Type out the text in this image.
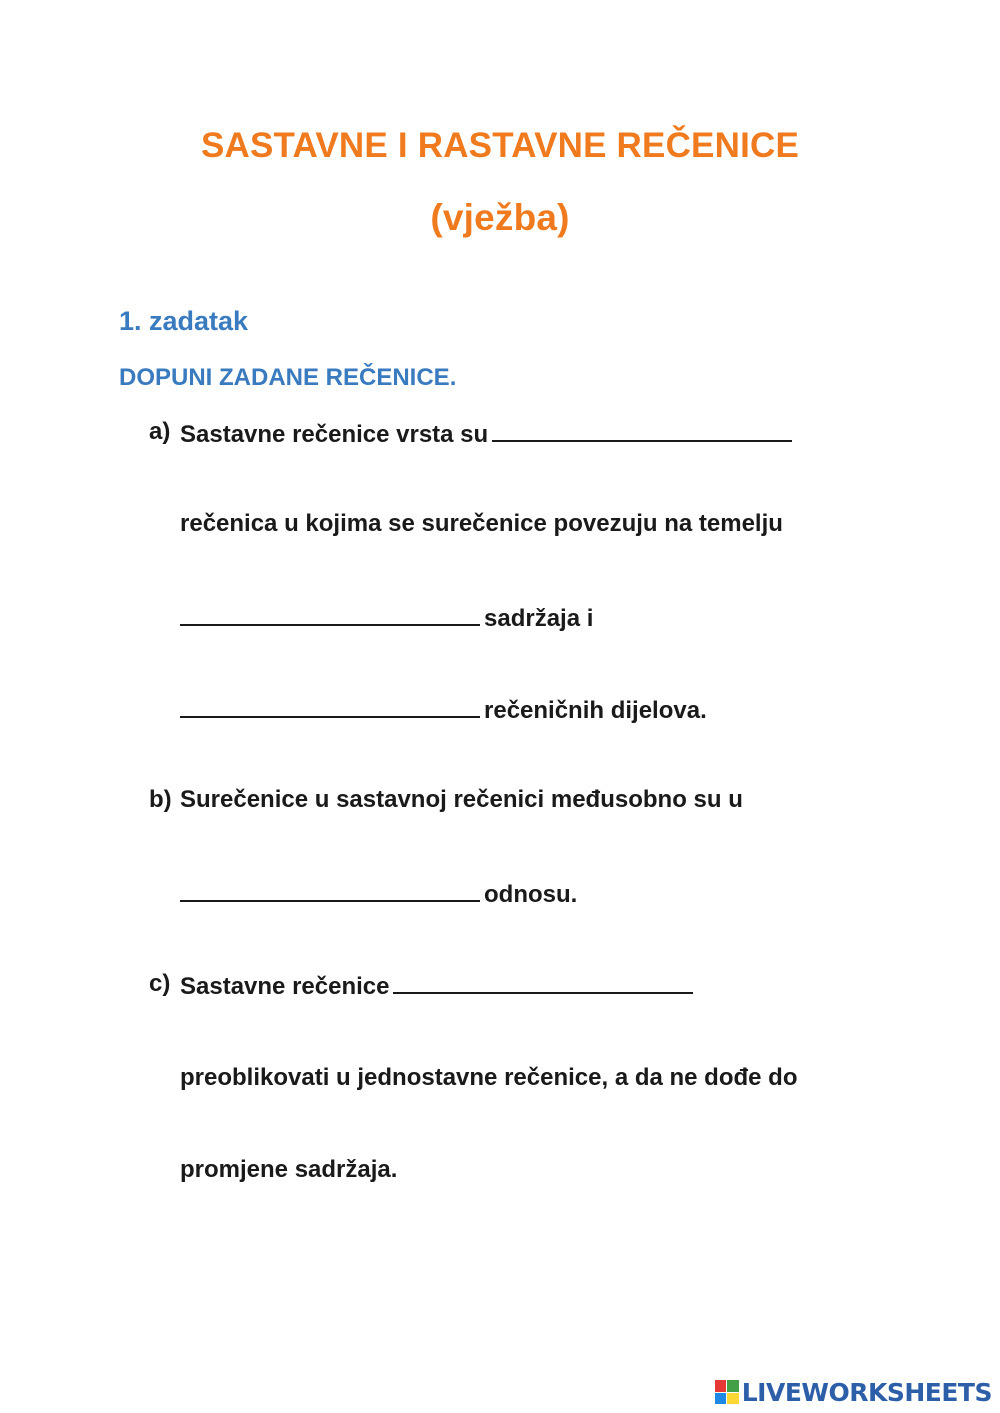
SASTAVNE I RASTAVNE REČENICE
(vježba)
1. zadatak
DOPUNI ZADANE REČENICE.
a) Sastavne rečenice vrsta su
rečenica u kojima se surečenice povezuju na temelju
sadržaja i
rečeničnih dijelova.
b) Surečenice u sastavnoj rečenici međusobno su u
odnosu.
c) Sastavne rečenice
preoblikovati u jednostavne rečenice, a da ne dođe do
promjene sadržaja.
LIVEWORKSHEETS
